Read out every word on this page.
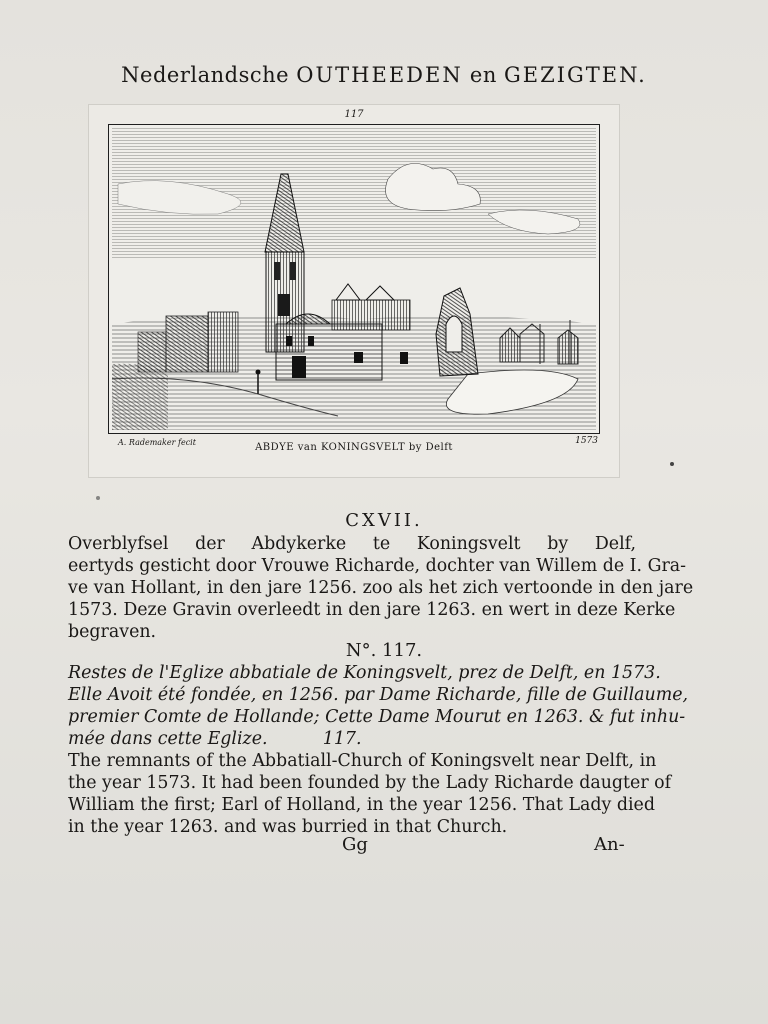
Nederlandsche OUTHEEDEN en GEZIGTEN.
117
A. Rademaker fecit	ABDYE van KONINGSVELT by Delft
1573
CXVII.
Overblyfsel der Abdykerke te Koningsvelt by Delf,
eertyds gesticht door Vrouwe Richarde, dochter van Willem de I. Gra-
ve van Hollant, in den jare 1256. zoo als het zich vertoonde in den jare
1573. Deze Gravin overleedt in den jare 1263. en wert in deze Kerke
begraven.
N°. 117.
Restes de l'Eglize abbatiale de Koningsvelt, prez de Delft, en 1573.
Elle Avoit été fondée, en 1256. par Dame Richarde, fille de Guillaume,
premier Comte de Hollande; Cette Dame Mourut en 1263. & fut inhu-
mée dans cette Eglize.          117.
The remnants of the Abbatiall-Church of Koningsvelt near Delft, in
the year 1573. It had been founded by the Lady Richarde daugter of
William the first; Earl of Holland, in the year 1256. That Lady died
in the year 1263. and was burried in that Church.
Gg	An-
